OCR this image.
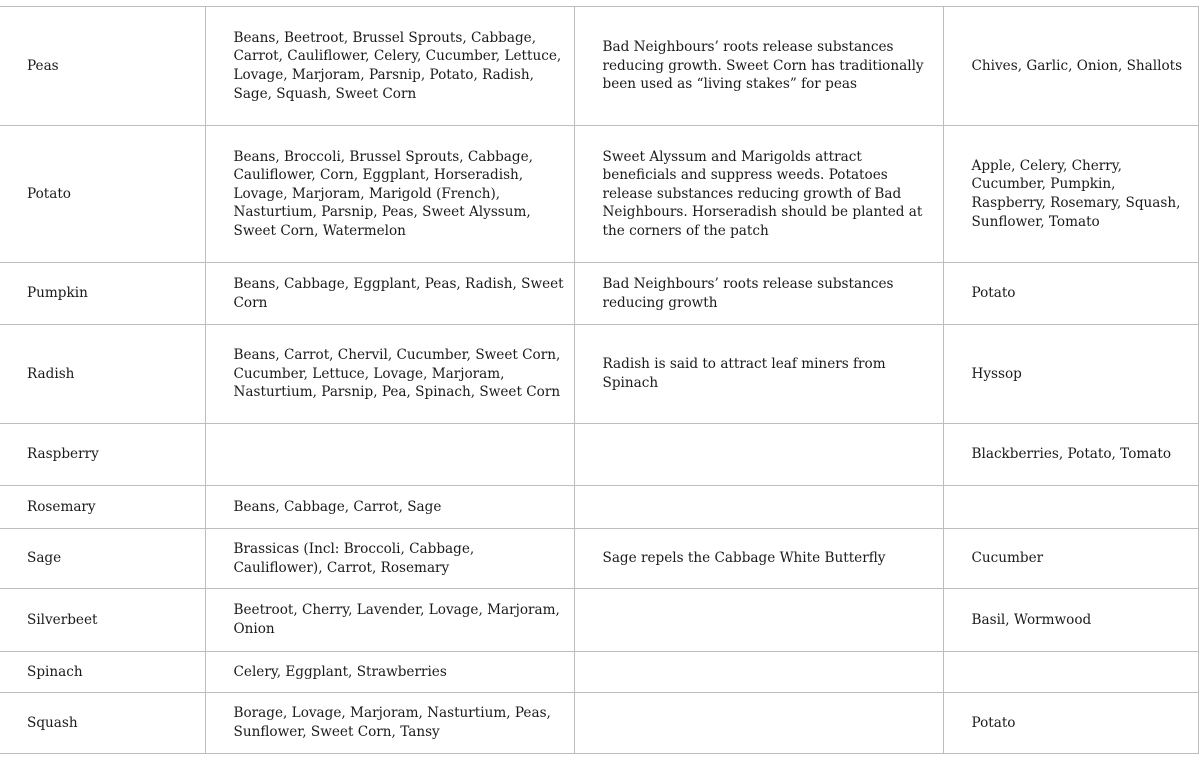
Peas	Beans, Beetroot, Brussel Sprouts, Cabbage, Carrot, Cauliflower, Celery, Cucumber, Lettuce, Lovage, Marjoram, Parsnip, Potato, Radish, Sage, Squash, Sweet Corn	Bad Neighbours’ roots release substances reducing growth. Sweet Corn has traditionally been used as “living stakes” for peas	Chives, Garlic, Onion, Shallots
Potato	Beans, Broccoli, Brussel Sprouts, Cabbage, Cauliflower, Corn, Eggplant, Horseradish, Lovage, Marjoram, Marigold (French), Nasturtium, Parsnip, Peas, Sweet Alyssum, Sweet Corn, Watermelon	Sweet Alyssum and Marigolds attract beneficials and suppress weeds. Potatoes release substances reducing growth of Bad Neighbours. Horseradish should be planted at the corners of the patch	Apple, Celery, Cherry, Cucumber, Pumpkin, Raspberry, Rosemary, Squash, Sunflower, Tomato
Pumpkin	Beans, Cabbage, Eggplant, Peas, Radish, Sweet Corn	Bad Neighbours’ roots release substances reducing growth	Potato
Radish	Beans, Carrot, Chervil, Cucumber, Sweet Corn, Cucumber, Lettuce, Lovage, Marjoram, Nasturtium, Parsnip, Pea, Spinach, Sweet Corn	Radish is said to attract leaf miners from Spinach	Hyssop
Raspberry			Blackberries, Potato, Tomato
Rosemary	Beans, Cabbage, Carrot, Sage		
Sage	Brassicas (Incl: Broccoli, Cabbage, Cauliflower), Carrot, Rosemary	Sage repels the Cabbage White Butterfly	Cucumber
Silverbeet	Beetroot, Cherry, Lavender, Lovage, Marjoram, Onion		Basil, Wormwood
Spinach	Celery, Eggplant, Strawberries		
Squash	Borage, Lovage, Marjoram, Nasturtium, Peas, Sunflower, Sweet Corn, Tansy		Potato
